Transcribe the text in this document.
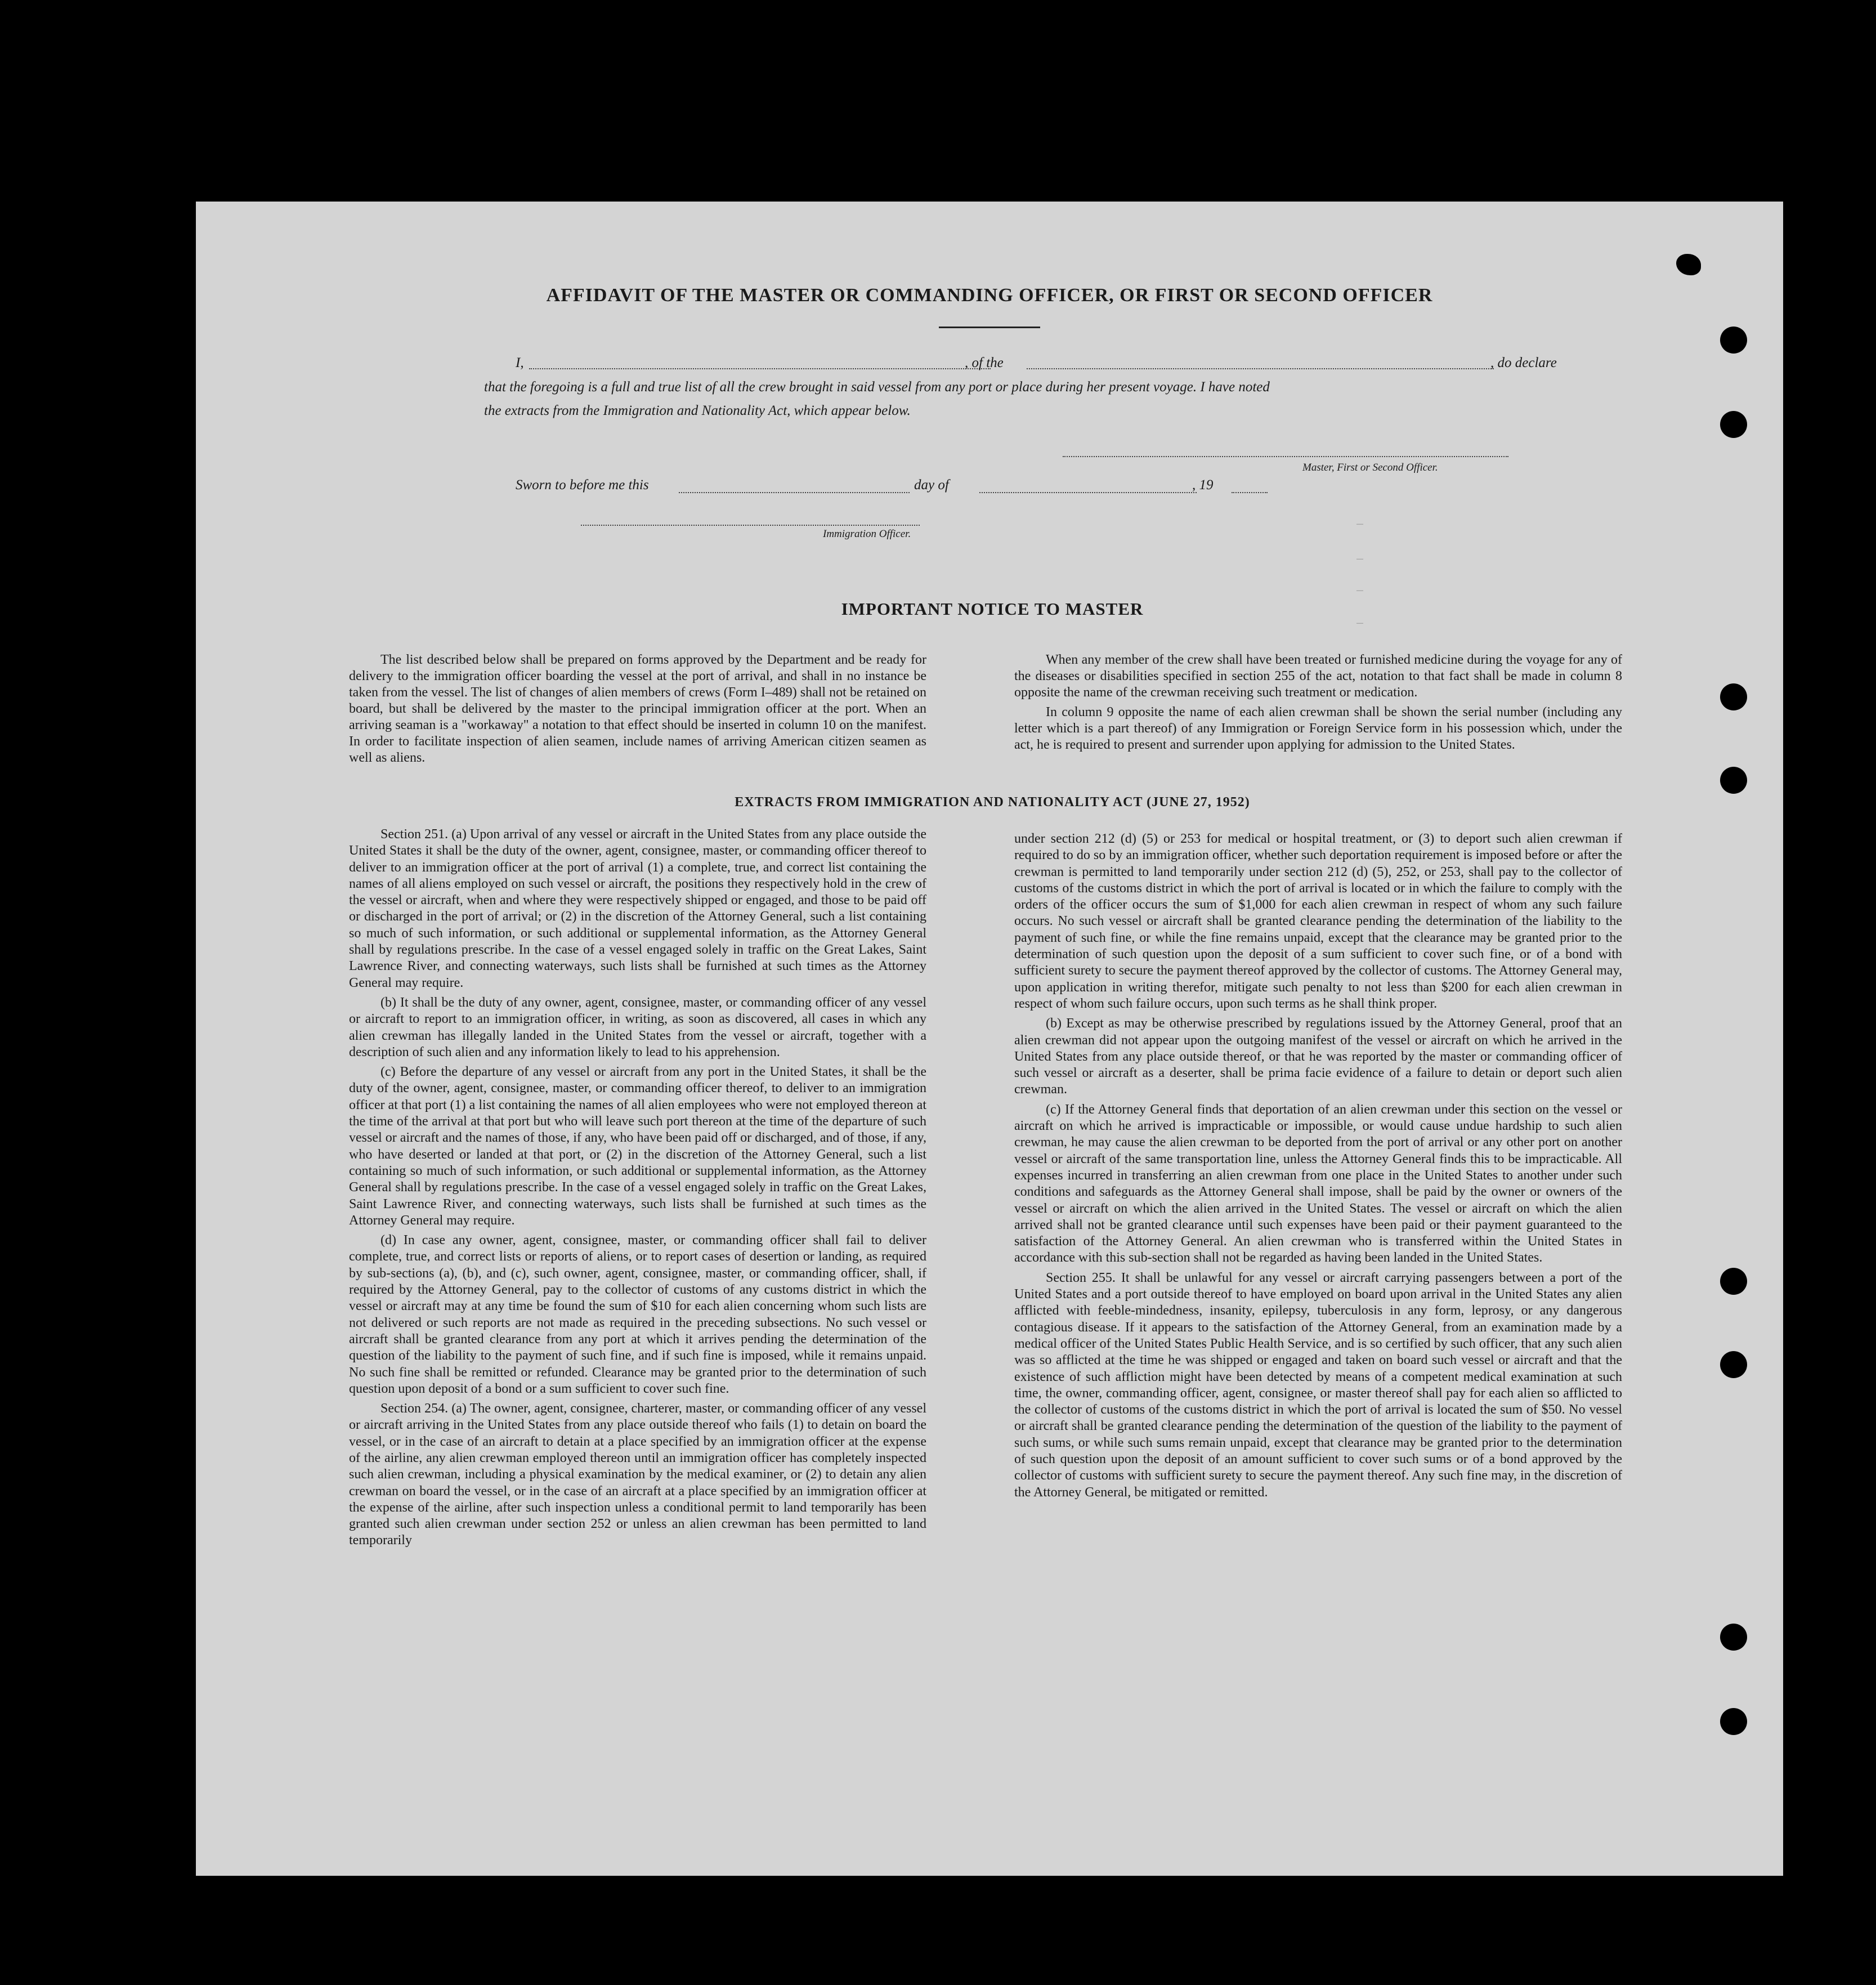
AFFIDAVIT OF THE MASTER OR COMMANDING OFFICER, OR FIRST OR SECOND OFFICER
I,	, of the	, do declare
that the foregoing is a full and true list of all the crew brought in said vessel from any port or place during her present voyage. I have noted
the extracts from the Immigration and Nationality Act, which appear below.
Master, First or Second Officer.
Sworn to before me this	day of	, 19
Immigration Officer.
–
–
–
–
IMPORTANT NOTICE TO MASTER

The list described below shall be prepared on forms approved by the Department and be ready for delivery to the immigration officer boarding the vessel at the port of arrival, and shall in no instance be taken from the vessel. The list of changes of alien members of crews (Form I–489) shall not be retained on board, but shall be delivered by the master to the principal immigration officer at the port. When an arriving seaman is a "workaway" a notation to that effect should be inserted in column 10 on the manifest. In order to facilitate inspection of alien seamen, include names of arriving American citizen seamen as well as aliens.

When any member of the crew shall have been treated or furnished medicine during the voyage for any of the diseases or disabilities specified in section 255 of the act, notation to that fact shall be made in column 8 opposite the name of the crewman receiving such treatment or medication.

In column 9 opposite the name of each alien crewman shall be shown the serial number (including any letter which is a part thereof) of any Immigration or Foreign Service form in his possession which, under the act, he is required to present and surrender upon applying for admission to the United States.

EXTRACTS FROM IMMIGRATION AND NATIONALITY ACT (JUNE 27, 1952)

Section 251. (a) Upon arrival of any vessel or aircraft in the United States from any place outside the United States it shall be the duty of the owner, agent, consignee, master, or commanding officer thereof to deliver to an immigration officer at the port of arrival (1) a complete, true, and correct list containing the names of all aliens employed on such vessel or aircraft, the positions they respectively hold in the crew of the vessel or aircraft, when and where they were respectively shipped or engaged, and those to be paid off or discharged in the port of arrival; or (2) in the discretion of the Attorney General, such a list containing so much of such information, or such additional or supplemental information, as the Attorney General shall by regulations prescribe. In the case of a vessel engaged solely in traffic on the Great Lakes, Saint Lawrence River, and connecting waterways, such lists shall be furnished at such times as the Attorney General may require.

(b) It shall be the duty of any owner, agent, consignee, master, or commanding officer of any vessel or aircraft to report to an immigration officer, in writing, as soon as discovered, all cases in which any alien crewman has illegally landed in the United States from the vessel or aircraft, together with a description of such alien and any information likely to lead to his apprehension.

(c) Before the departure of any vessel or aircraft from any port in the United States, it shall be the duty of the owner, agent, consignee, master, or commanding officer thereof, to deliver to an immigration officer at that port (1) a list containing the names of all alien employees who were not employed thereon at the time of the arrival at that port but who will leave such port thereon at the time of the departure of such vessel or aircraft and the names of those, if any, who have been paid off or discharged, and of those, if any, who have deserted or landed at that port, or (2) in the discretion of the Attorney General, such a list containing so much of such information, or such additional or supplemental information, as the Attorney General shall by regulations prescribe. In the case of a vessel engaged solely in traffic on the Great Lakes, Saint Lawrence River, and connecting waterways, such lists shall be furnished at such times as the Attorney General may require.

(d) In case any owner, agent, consignee, master, or commanding officer shall fail to deliver complete, true, and correct lists or reports of aliens, or to report cases of desertion or landing, as required by sub-sections (a), (b), and (c), such owner, agent, consignee, master, or commanding officer, shall, if required by the Attorney General, pay to the collector of customs of any customs district in which the vessel or aircraft may at any time be found the sum of $10 for each alien concerning whom such lists are not delivered or such reports are not made as required in the preceding subsections. No such vessel or aircraft shall be granted clearance from any port at which it arrives pending the determination of the question of the liability to the payment of such fine, and if such fine is imposed, while it remains unpaid. No such fine shall be remitted or refunded. Clearance may be granted prior to the determination of such question upon deposit of a bond or a sum sufficient to cover such fine.

Section 254. (a) The owner, agent, consignee, charterer, master, or commanding officer of any vessel or aircraft arriving in the United States from any place outside thereof who fails (1) to detain on board the vessel, or in the case of an aircraft to detain at a place specified by an immigration officer at the expense of the airline, any alien crewman employed thereon until an immigration officer has completely inspected such alien crewman, including a physical examination by the medical examiner, or (2) to detain any alien crewman on board the vessel, or in the case of an aircraft at a place specified by an immigration officer at the expense of the airline, after such inspection unless a conditional permit to land temporarily has been granted such alien crewman under section 252 or unless an alien crewman has been permitted to land temporarily

under section 212 (d) (5) or 253 for medical or hospital treatment, or (3) to deport such alien crewman if required to do so by an immigration officer, whether such deportation requirement is imposed before or after the crewman is permitted to land temporarily under section 212 (d) (5), 252, or 253, shall pay to the collector of customs of the customs district in which the port of arrival is located or in which the failure to comply with the orders of the officer occurs the sum of $1,000 for each alien crewman in respect of whom any such failure occurs. No such vessel or aircraft shall be granted clearance pending the determination of the liability to the payment of such fine, or while the fine remains unpaid, except that the clearance may be granted prior to the determination of such question upon the deposit of a sum sufficient to cover such fine, or of a bond with sufficient surety to secure the payment thereof approved by the collector of customs. The Attorney General may, upon application in writing therefor, mitigate such penalty to not less than $200 for each alien crewman in respect of whom such failure occurs, upon such terms as he shall think proper.

(b) Except as may be otherwise prescribed by regulations issued by the Attorney General, proof that an alien crewman did not appear upon the outgoing manifest of the vessel or aircraft on which he arrived in the United States from any place outside thereof, or that he was reported by the master or commanding officer of such vessel or aircraft as a deserter, shall be prima facie evidence of a failure to detain or deport such alien crewman.

(c) If the Attorney General finds that deportation of an alien crewman under this section on the vessel or aircraft on which he arrived is impracticable or impossible, or would cause undue hardship to such alien crewman, he may cause the alien crewman to be deported from the port of arrival or any other port on another vessel or aircraft of the same transportation line, unless the Attorney General finds this to be impracticable. All expenses incurred in transferring an alien crewman from one place in the United States to another under such conditions and safeguards as the Attorney General shall impose, shall be paid by the owner or owners of the vessel or aircraft on which the alien arrived in the United States. The vessel or aircraft on which the alien arrived shall not be granted clearance until such expenses have been paid or their payment guaranteed to the satisfaction of the Attorney General. An alien crewman who is transferred within the United States in accordance with this sub-section shall not be regarded as having been landed in the United States.

Section 255. It shall be unlawful for any vessel or aircraft carrying passengers between a port of the United States and a port outside thereof to have employed on board upon arrival in the United States any alien afflicted with feeble-mindedness, insanity, epilepsy, tuberculosis in any form, leprosy, or any dangerous contagious disease. If it appears to the satisfaction of the Attorney General, from an examination made by a medical officer of the United States Public Health Service, and is so certified by such officer, that any such alien was so afflicted at the time he was shipped or engaged and taken on board such vessel or aircraft and that the existence of such affliction might have been detected by means of a competent medical examination at such time, the owner, commanding officer, agent, consignee, or master thereof shall pay for each alien so afflicted to the collector of customs of the customs district in which the port of arrival is located the sum of $50. No vessel or aircraft shall be granted clearance pending the determination of the question of the liability to the payment of such sums, or while such sums remain unpaid, except that clearance may be granted prior to the determination of such question upon the deposit of an amount sufficient to cover such sums or of a bond approved by the collector of customs with sufficient surety to secure the payment thereof. Any such fine may, in the discretion of the Attorney General, be mitigated or remitted.
